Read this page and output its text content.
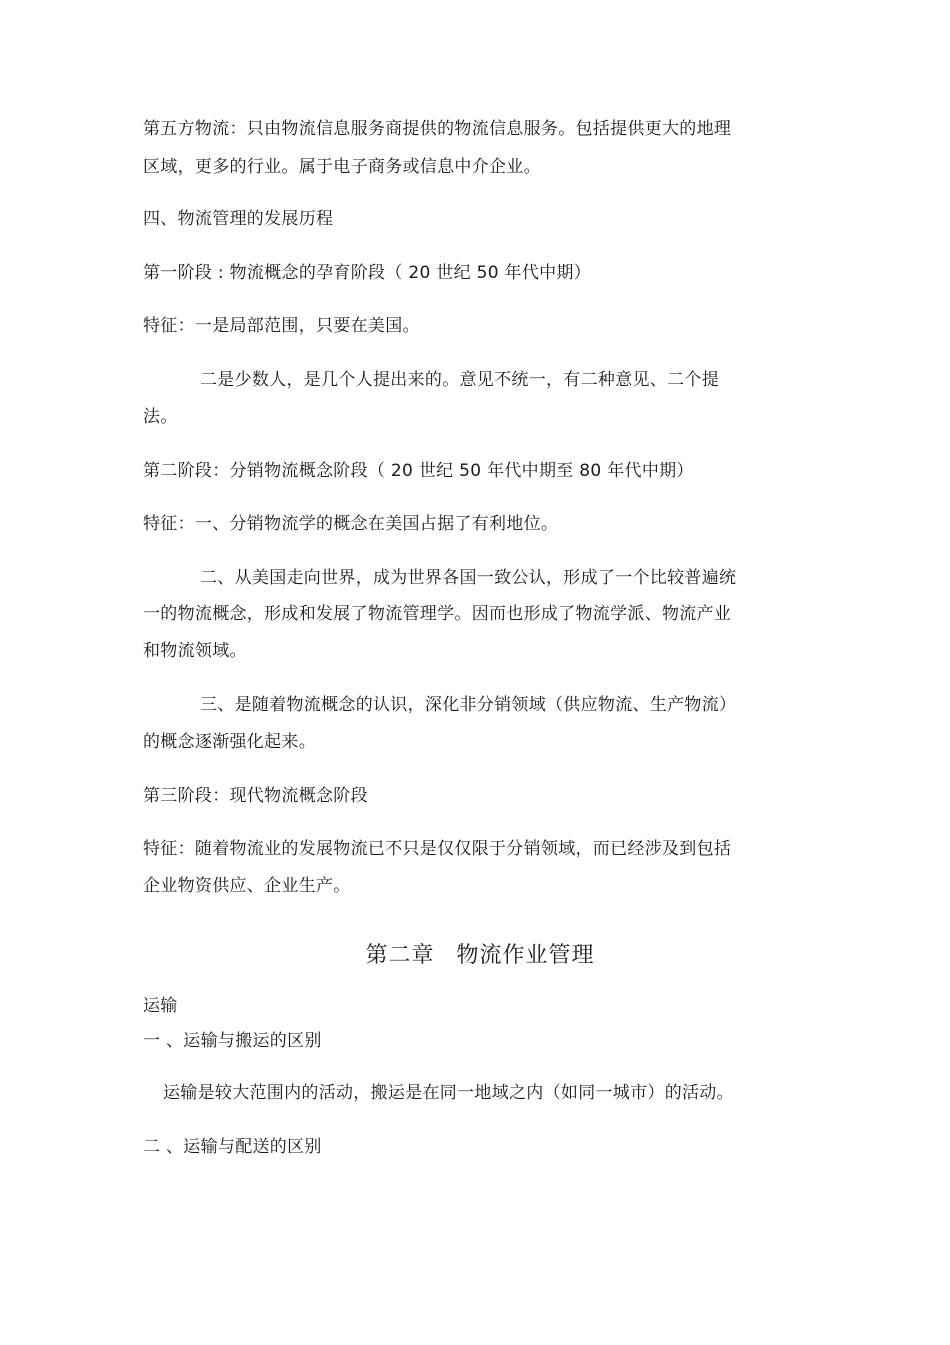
第五方物流：只由物流信息服务商提供的物流信息服务。包括提供更大的地理
区域，更多的行业。属于电子商务或信息中介企业。
四、物流管理的发展历程
第一阶段 : 物流概念的孕育阶段（ 20 世纪 50 年代中期）
特征：一是局部范围，只要在美国。
二是少数人，是几个人提出来的。意见不统一，有二种意见、二个提
法。
第二阶段：分销物流概念阶段（ 20 世纪 50 年代中期至 80 年代中期）
特征：一、分销物流学的概念在美国占据了有利地位。
二、从美国走向世界，成为世界各国一致公认，形成了一个比较普遍统
一的物流概念，形成和发展了物流管理学。因而也形成了物流学派、物流产业
和物流领域。
三、是随着物流概念的认识，深化非分销领域（供应物流、生产物流）
的概念逐渐强化起来。
第三阶段：现代物流概念阶段
特征：随着物流业的发展物流已不只是仅仅限于分销领域，而已经涉及到包括
企业物资供应、企业生产。
第二章 物流作业管理
运输
一 、运输与搬运的区别
运输是较大范围内的活动，搬运是在同一地域之内（如同一城市）的活动。
二 、运输与配送的区别
